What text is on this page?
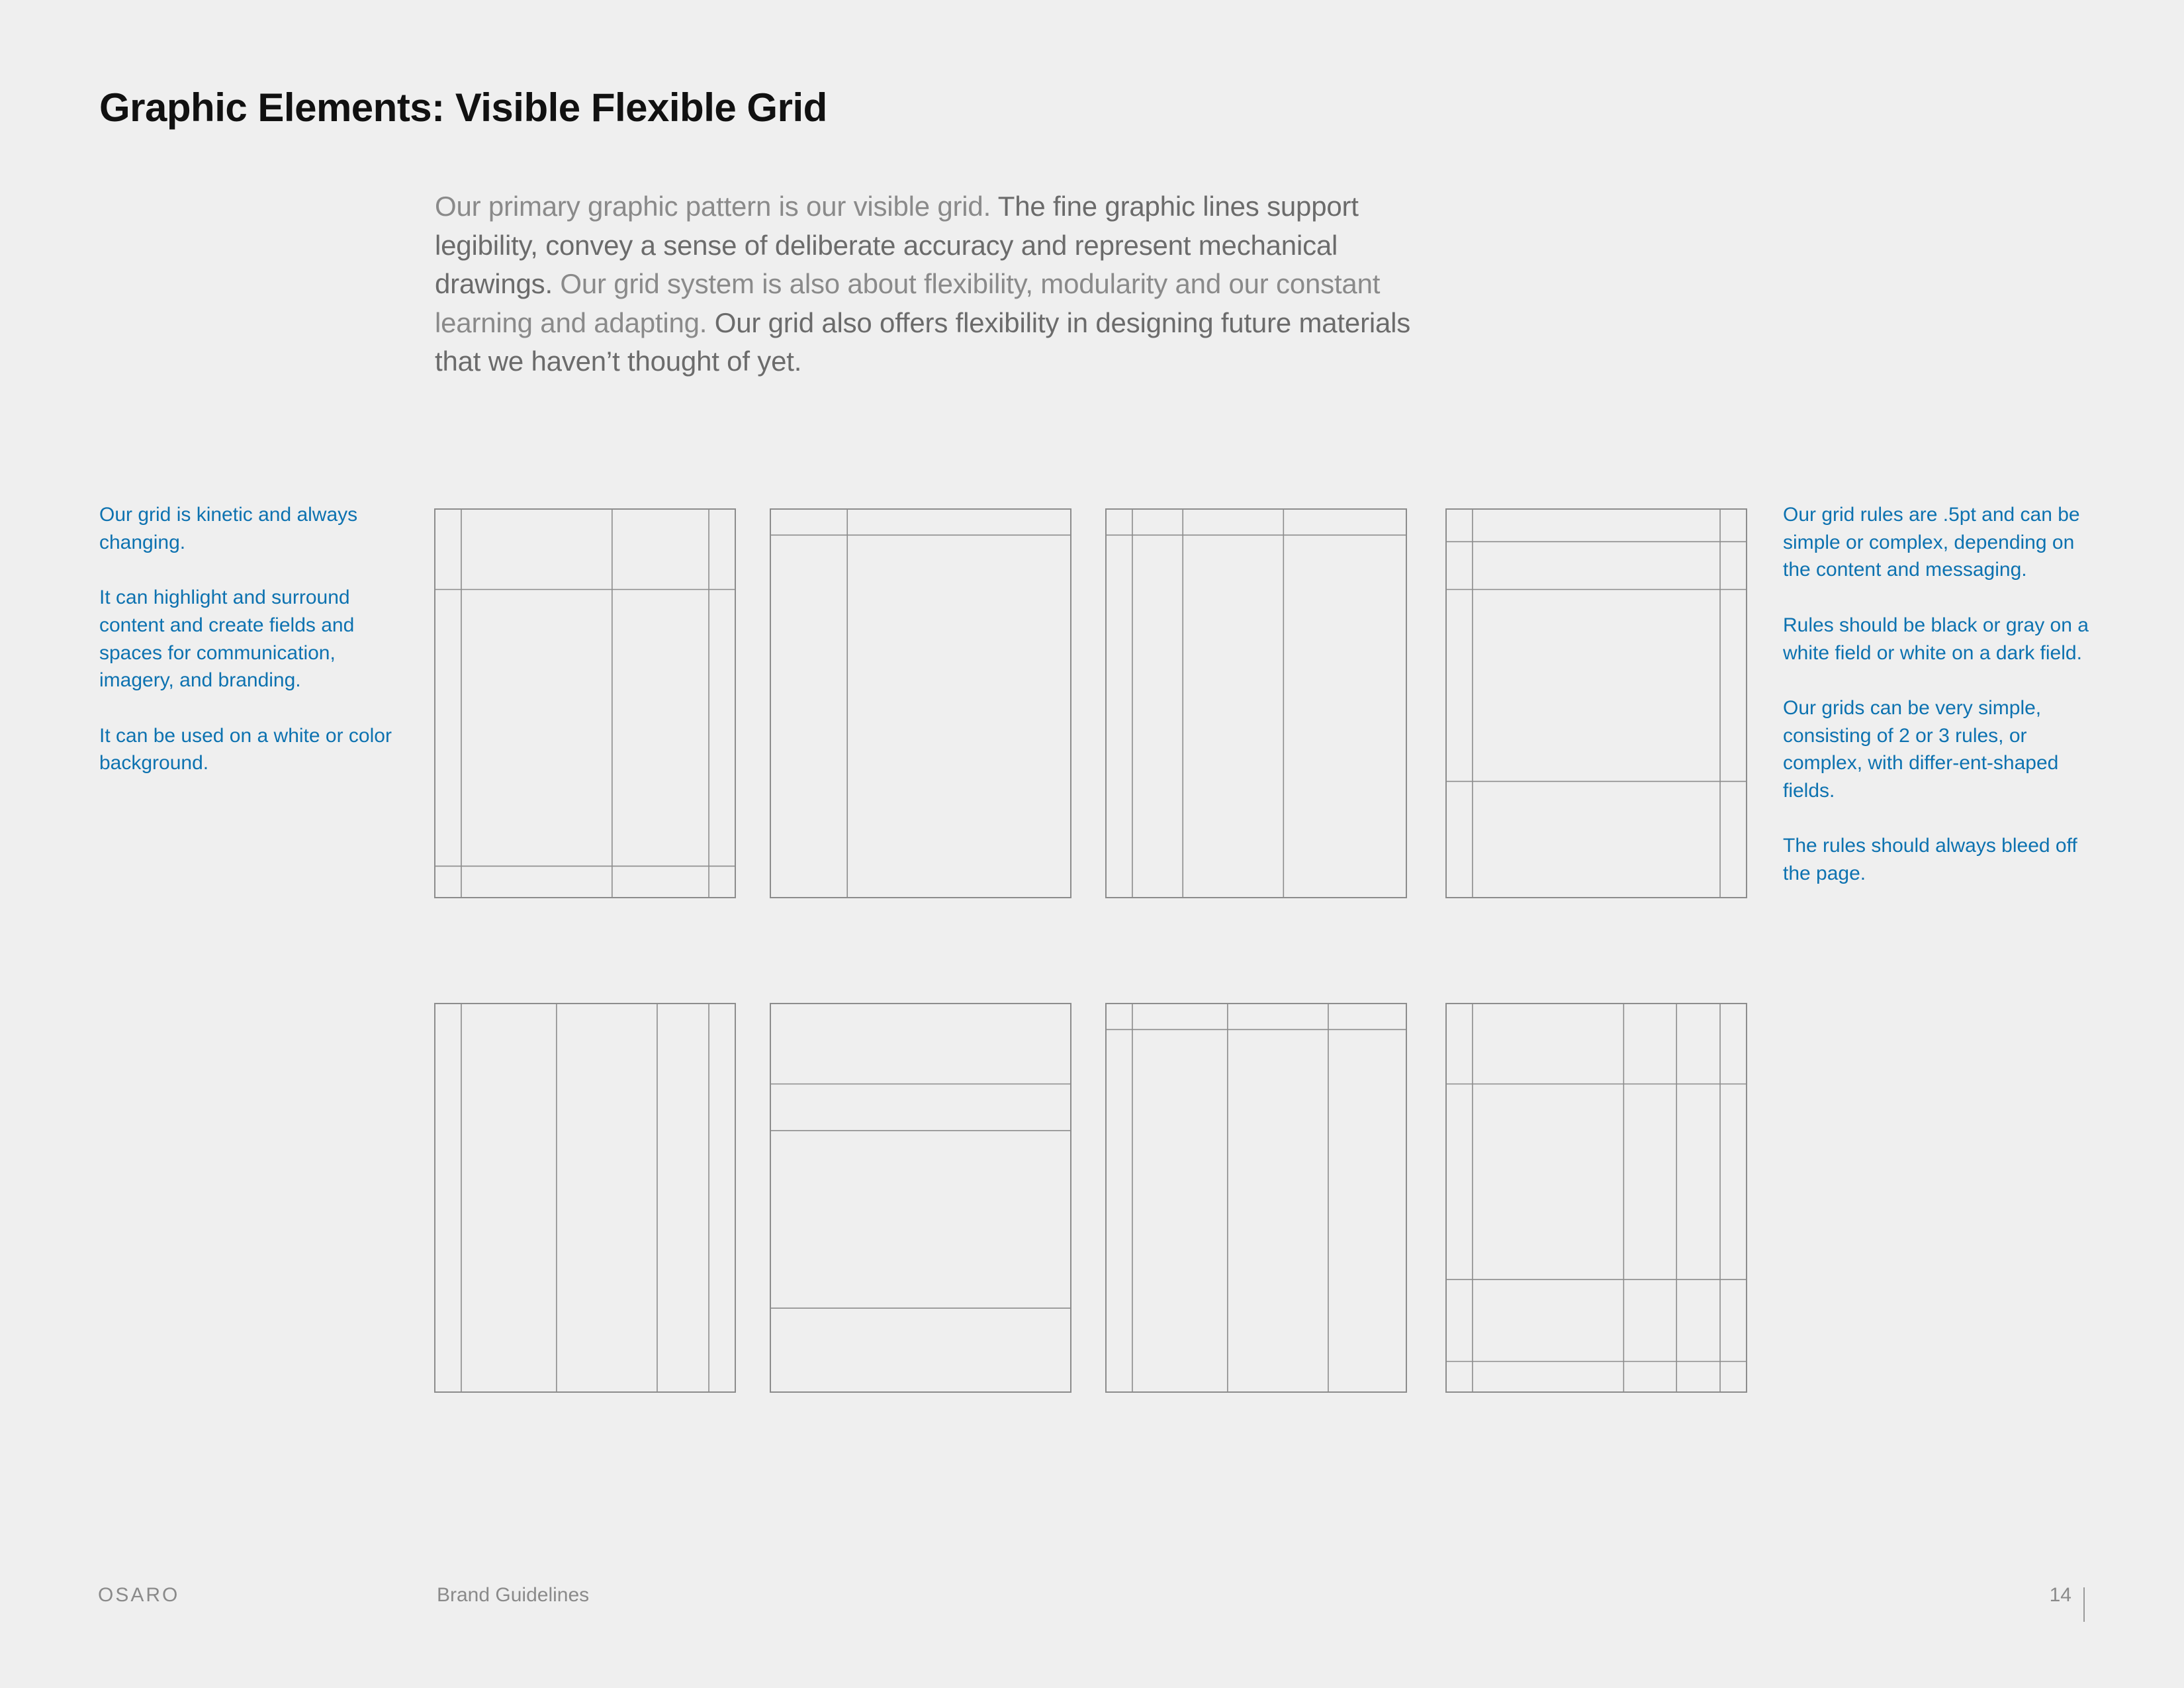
Graphic Elements: Visible Flexible Grid

Our primary graphic pattern is our visible grid. The fine graphic lines support legibility, convey a sense of deliberate accuracy and represent mechanical drawings. Our grid system is also about flexibility, modularity and our constant learning and adapting. Our grid also offers flexibility in designing future materials that we haven’t thought of yet.

Our grid is kinetic and always changing.

It can highlight and surround content and create fields and spaces for communication, imagery, and branding.

It can be used on a white or color background.

Our grid rules are .5pt and can be simple or complex, depending on the content and messaging.

Rules should be black or gray on a white field or white on a dark field.

Our grids can be very simple, consisting of 2 or 3 rules, or complex, with differ-ent-shaped fields.

The rules should always bleed off the page.

OSARO	Brand Guidelines	14
